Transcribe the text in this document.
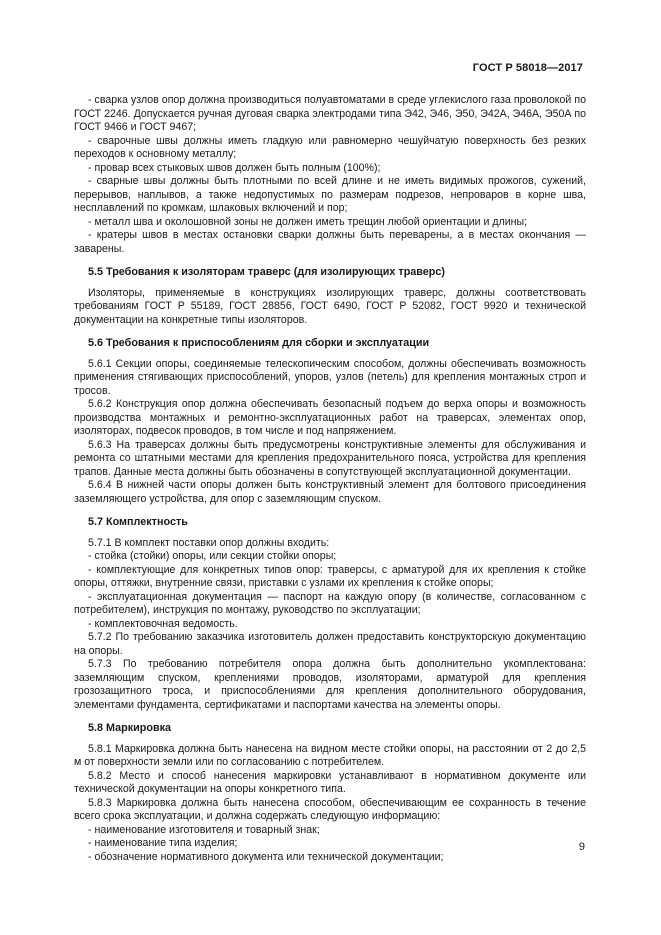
ГОСТ Р 58018—2017

- сварка узлов опор должна производиться полуавтоматами в среде углекислого газа проволокой по ГОСТ 2246. Допускается ручная дуговая сварка электродами типа Э42, Э46, Э50, Э42А, Э46А, Э50А по ГОСТ 9466 и ГОСТ 9467;

- сварочные швы должны иметь гладкую или равномерно чешуйчатую поверхность без резких переходов к основному металлу;

- провар всех стыковых швов должен быть полным (100%);

- сварные швы должны быть плотными по всей длине и не иметь видимых прожогов, сужений, перерывов, наплывов, а также недопустимых по размерам подрезов, непроваров в корне шва, несплавлений по кромкам, шлаковых включений и пор;

- металл шва и околошовной зоны не должен иметь трещин любой ориентации и длины;

- кратеры швов в местах остановки сварки должны быть переварены, а в местах окончания — заварены.

5.5 Требования к изоляторам траверс (для изолирующих траверс)

Изоляторы, применяемые в конструкциях изолирующих траверс, должны соответствовать требованиям ГОСТ Р 55189, ГОСТ 28856, ГОСТ 6490, ГОСТ Р 52082, ГОСТ 9920 и технической документации на конкретные типы изоляторов.

5.6 Требования к приспособлениям для сборки и эксплуатации

5.6.1 Секции опоры, соединяемые телескопическим способом, должны обеспечивать возможность применения стягивающих приспособлений, упоров, узлов (петель) для крепления монтажных строп и тросов.

5.6.2 Конструкция опор должна обеспечивать безопасный подъем до верха опоры и возможность производства монтажных и ремонтно-эксплуатационных работ на траверсах, элементах опор, изоляторах, подвесок проводов, в том числе и под напряжением.

5.6.3 На траверсах должны быть предусмотрены конструктивные элементы для обслуживания и ремонта со штатными местами для крепления предохранительного пояса, устройства для крепления трапов. Данные места должны быть обозначены в сопутствующей эксплуатационной документации.

5.6.4 В нижней части опоры должен быть конструктивный элемент для болтового присоединения заземляющего устройства, для опор с заземляющим спуском.

5.7 Комплектность

5.7.1 В комплект поставки опор должны входить:

- стойка (стойки) опоры, или секции стойки опоры;

- комплектующие для конкретных типов опор: траверсы, с арматурой для их крепления к стойке опоры, оттяжки, внутренние связи, приставки с узлами их крепления к стойке опоры;

- эксплуатационная документация — паспорт на каждую опору (в количестве, согласованном с потребителем), инструкция по монтажу, руководство по эксплуатации;

- комплектовочная ведомость.

5.7.2 По требованию заказчика изготовитель должен предоставить конструкторскую документацию на опоры.

5.7.3 По требованию потребителя опора должна быть дополнительно укомплектована: заземляющим спуском, креплениями проводов, изоляторами, арматурой для крепления грозозащитного троса, и приспособлениями для крепления дополнительного оборудования, элементами фундамента, сертификатами и паспортами качества на элементы опоры.

5.8 Маркировка

5.8.1 Маркировка должна быть нанесена на видном месте стойки опоры, на расстоянии от 2 до 2,5 м от поверхности земли или по согласованию с потребителем.

5.8.2 Место и способ нанесения маркировки устанавливают в нормативном документе или технической документации на опоры конкретного типа.

5.8.3 Маркировка должна быть нанесена способом, обеспечивающим ее сохранность в течение всего срока эксплуатации, и должна содержать следующую информацию:

- наименование изготовителя и товарный знак;

- наименование типа изделия;

- обозначение нормативного документа или технической документации;

9
